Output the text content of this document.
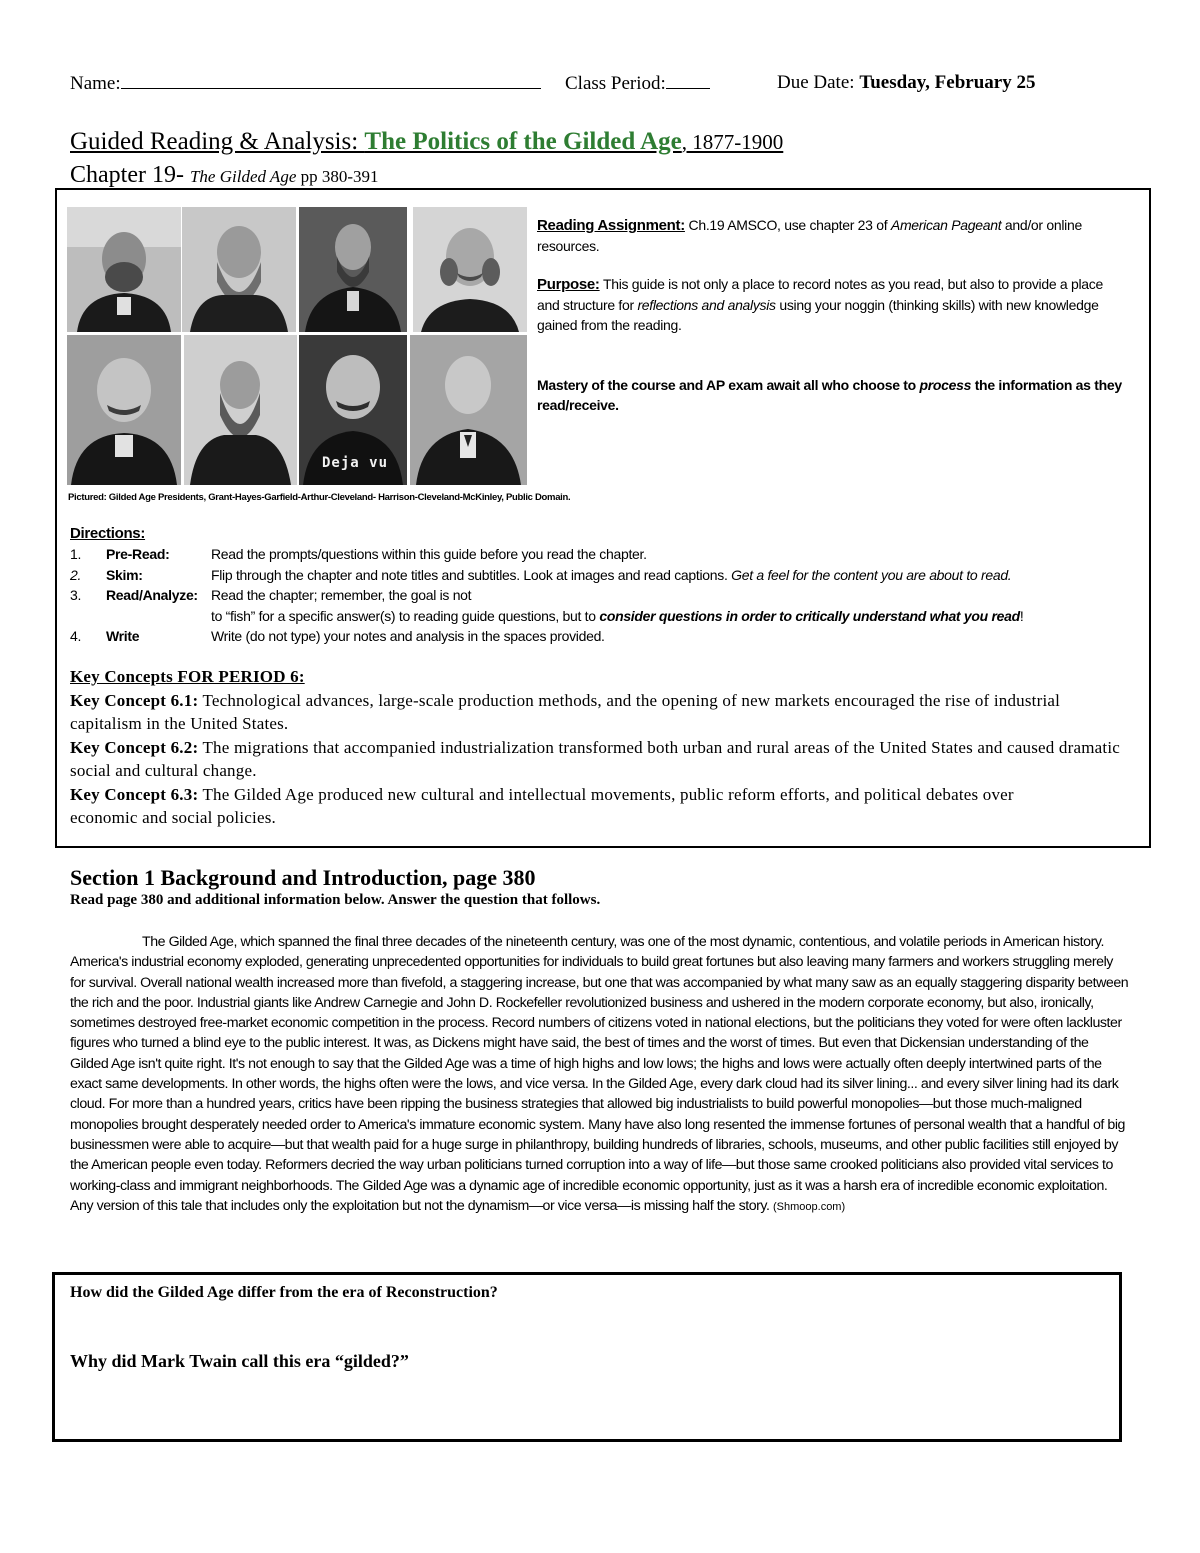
Name:	Class Period:	Due Date: Tuesday, February 25
Guided Reading & Analysis: The Politics of the Gilded Age, 1877-1900
Chapter 19- The Gilded Age pp 380-391
Deja vu
Pictured: Gilded Age Presidents, Grant-Hayes-Garfield-Arthur-Cleveland- Harrison-Cleveland-McKinley, Public Domain.

Reading Assignment: Ch.19 AMSCO, use chapter 23 of American Pageant and/or online resources.

Purpose: This guide is not only a place to record notes as you read, but also to provide a place and structure for reflections and analysis using your noggin (thinking skills) with new knowledge gained from the reading.

Mastery of the course and AP exam await all who choose to process the information as they read/receive.

Directions:
1. Pre-Read:	Read the prompts/questions within this guide before you read the chapter.
2. Skim:	Flip through the chapter and note titles and subtitles. Look at images and read captions. Get a feel for the content you are about to read.
3. Read/Analyze: Read the chapter; remember, the goal is not
to “fish” for a specific answer(s) to reading guide questions, but to consider questions in order to critically understand what you read!
4. Write	Write (do not type) your notes and analysis in the spaces provided.

Key Concepts FOR PERIOD 6:

Key Concept 6.1: Technological advances, large-scale production methods, and the opening of new markets encouraged the rise of industrial capitalism in the United States.

Key Concept 6.2: The migrations that accompanied industrialization transformed both urban and rural areas of the United States and caused dramatic social and cultural change.

Key Concept 6.3: The Gilded Age produced new cultural and intellectual movements, public reform efforts, and political debates over economic and social policies.

Section 1 Background and Introduction, page 380
Read page 380 and additional information below. Answer the question that follows.

The Gilded Age, which spanned the final three decades of the nineteenth century, was one of the most dynamic, contentious, and volatile periods in American history. America's industrial economy exploded, generating unprecedented opportunities for individuals to build great fortunes but also leaving many farmers and workers struggling merely for survival. Overall national wealth increased more than fivefold, a staggering increase, but one that was accompanied by what many saw as an equally staggering disparity between the rich and the poor. Industrial giants like Andrew Carnegie and John D. Rockefeller revolutionized business and ushered in the modern corporate economy, but also, ironically, sometimes destroyed free-market economic competition in the process. Record numbers of citizens voted in national elections, but the politicians they voted for were often lackluster figures who turned a blind eye to the public interest. It was, as Dickens might have said, the best of times and the worst of times. But even that Dickensian understanding of the Gilded Age isn't quite right. It's not enough to say that the Gilded Age was a time of high highs and low lows; the highs and lows were actually often deeply intertwined parts of the exact same developments. In other words, the highs often were the lows, and vice versa. In the Gilded Age, every dark cloud had its silver lining... and every silver lining had its dark cloud. For more than a hundred years, critics have been ripping the business strategies that allowed big industrialists to build powerful monopolies—but those much-maligned monopolies brought desperately needed order to America's immature economic system. Many have also long resented the immense fortunes of personal wealth that a handful of big businessmen were able to acquire—but that wealth paid for a huge surge in philanthropy, building hundreds of libraries, schools, museums, and other public facilities still enjoyed by the American people even today. Reformers decried the way urban politicians turned corruption into a way of life—but those same crooked politicians also provided vital services to working-class and immigrant neighborhoods. The Gilded Age was a dynamic age of incredible economic opportunity, just as it was a harsh era of incredible economic exploitation. Any version of this tale that includes only the exploitation but not the dynamism—or vice versa—is missing half the story. (Shmoop.com)

How did the Gilded Age differ from the era of Reconstruction?
Why did Mark Twain call this era “gilded?”
